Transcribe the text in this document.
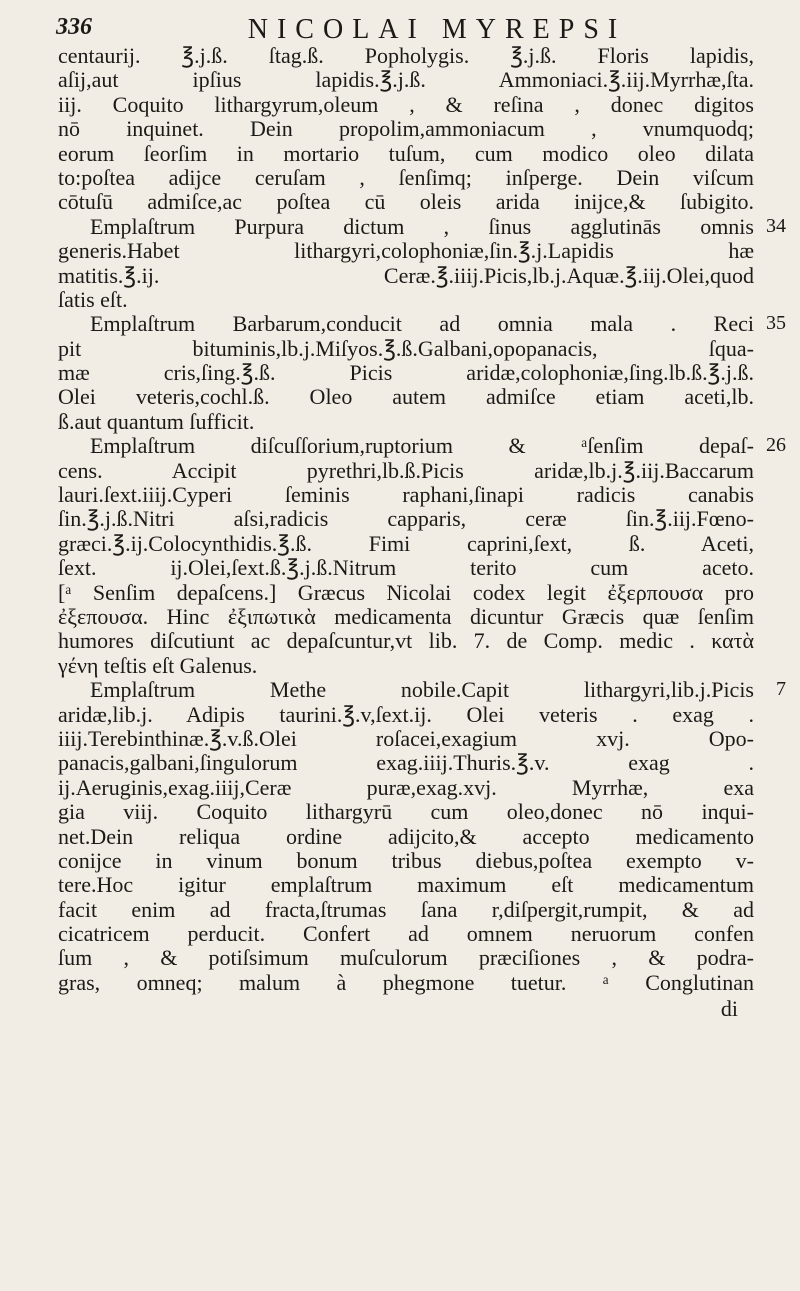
336	NICOLAI MYREPSI
centaurij. ℥.j.ß. ſtag.ß. Popholygis. ℥.j.ß. Floris lapidis,
aſij,aut ipſius lapidis.℥.j.ß. Ammoniaci.℥.iij.Myrrhæ,ſta.
iij. Coquito lithargyrum,oleum , & reſina , donec digitos
nō inquinet. Dein propolim,ammoniacum , vnumquodq;
eorum ſeorſim in mortario tuſum, cum modico oleo dilata
to:poſtea adijce ceruſam , ſenſimq; inſperge. Dein viſcum
cōtuſū admiſce,ac poſtea cū oleis arida inijce,& ſubigito.
Emplaſtrum Purpura dictum , ſinus agglutinās omnis
generis.Habet lithargyri,colophoniæ,ſin.℥.j.Lapidis hæ
matitis.℥.ij. Ceræ.℥.iiij.Picis,lb.j.Aquæ.℥.iij.Olei,quod
ſatis eſt.
Emplaſtrum Barbarum,conducit ad omnia mala . Reci
pit bituminis,lb.j.Miſyos.℥.ß.Galbani,opopanacis, ſqua-
mæ cris,ſing.℥.ß. Picis aridæ,colophoniæ,ſing.lb.ß.℥.j.ß.
Olei veteris,cochl.ß. Oleo autem admiſce etiam aceti,lb.
ß.aut quantum ſufficit.
Emplaſtrum diſcuſſorium,ruptorium & ᵃſenſim depaſ-
cens. Accipit pyrethri,lb.ß.Picis aridæ,lb.j.℥.iij.Baccarum
lauri.ſext.iiij.Cyperi ſeminis raphani,ſinapi radicis canabis
ſin.℥.j.ß.Nitri aſsi,radicis capparis, ceræ ſin.℥.iij.Fœno-
græci.℥.ij.Colocynthidis.℥.ß. Fimi caprini,ſext, ß. Aceti,
ſext. ij.Olei,ſext.ß.℥.j.ß.Nitrum terito cum aceto.
[ᵃ Senſim depaſcens.] Græcus Nicolai codex legit ἐξερπουσα pro
ἐξεπουσα. Hinc ἐξιπωτικὰ medicamenta dicuntur Græcis quæ ſenſim
humores diſcutiunt ac depaſcuntur,vt lib. 7. de Comp. medic . κατὰ
γένη teſtis eſt Galenus.
Emplaſtrum Methe nobile.Capit lithargyri,lib.j.Picis
aridæ,lib.j. Adipis taurini.℥.v,ſext.ij. Olei veteris . exag .
iiij.Terebinthinæ.℥.v.ß.Olei roſacei,exagium xvj. Opo-
panacis,galbani,ſingulorum exag.iiij.Thuris.℥.v. exag .
ij.Aeruginis,exag.iiij,Ceræ puræ,exag.xvj. Myrrhæ, exa
gia viij. Coquito lithargyrū cum oleo,donec nō inqui-
net.Dein reliqua ordine adijcito,& accepto medicamento
conijce in vinum bonum tribus diebus,poſtea exempto v-
tere.Hoc igitur emplaſtrum maximum eſt medicamentum
facit enim ad fracta,ſtrumas ſana r,diſpergit,rumpit, & ad
cicatricem perducit. Confert ad omnem neruorum confen
ſum , & potiſsimum muſculorum præciſiones , & podra-
gras, omneq; malum à phegmone tuetur. ᵃ Conglutinan
34
35
26
7
di
